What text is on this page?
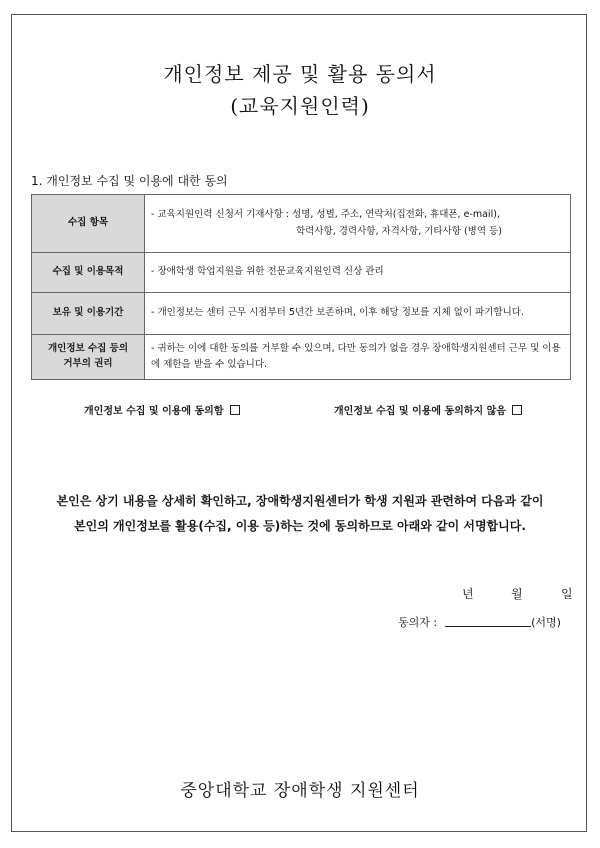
개인정보 제공 및 활용 동의서
(교육지원인력)
1. 개인정보 수집 및 이용에 대한 동의
수집 항목	- 교육지원인력 신청서 기재사항 : 성명, 성별, 주소, 연락처(집전화, 휴대폰, e-mail),
학력사항, 경력사항, 자격사항, 기타사항 (병역 등)

수집 및 이용목적	- 장애학생 학업지원을 위한 전문교육지원인력 신상 관리
보유 및 이용기간	- 개인정보는 센터 근무 시점부터 5년간 보존하며, 이후 해당 정보를 지체 없이 파기합니다.
개인정보 수집 등의
거부의 권리	- 귀하는 이에 대한 동의를 거부할 수 있으며, 다만 동의가 없을 경우 장애학생지원센터 근무 및 이용에 제한을 받을 수 있습니다.
개인정보 수집 및 이용에 동의함	개인정보 수집 및 이용에 동의하지 않음
본인은 상기 내용을 상세히 확인하고, 장애학생지원센터가 학생 지원과 관련하여 다음과 같이
본인의 개인정보를 활용(수집, 이용 등)하는 것에 동의하므로 아래와 같이 서명합니다.
년	월	일
동의자 :	(서명)
중앙대학교 장애학생 지원센터
